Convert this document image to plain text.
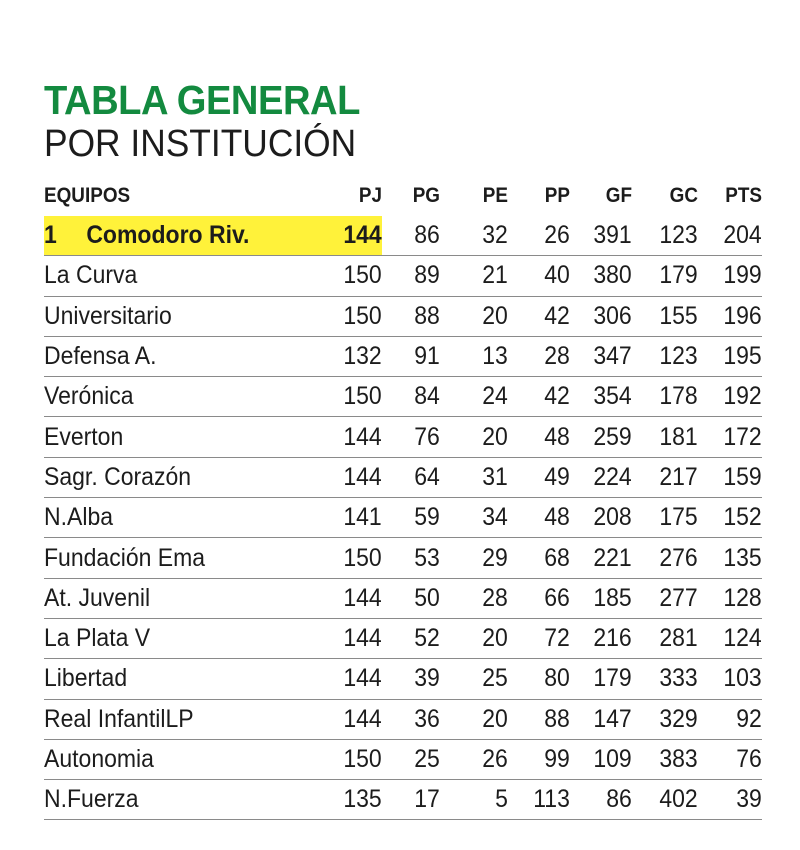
TABLA GENERAL
POR INSTITUCIÓN
EQUIPOS	PJ	PG	PE	PP	GF	GC	PTS
1 Comodoro Riv.	144	86	32	26	391	123	204
La Curva	150	89	21	40	380	179	199
Universitario	150	88	20	42	306	155	196
Defensa A.	132	91	13	28	347	123	195
Verónica	150	84	24	42	354	178	192
Everton	144	76	20	48	259	181	172
Sagr. Corazón	144	64	31	49	224	217	159
N.Alba	141	59	34	48	208	175	152
Fundación Ema	150	53	29	68	221	276	135
At. Juvenil	144	50	28	66	185	277	128
La Plata V	144	52	20	72	216	281	124
Libertad	144	39	25	80	179	333	103
Real InfantilLP	144	36	20	88	147	329	92
Autonomia	150	25	26	99	109	383	76
N.Fuerza	135	17	5	113	86	402	39
